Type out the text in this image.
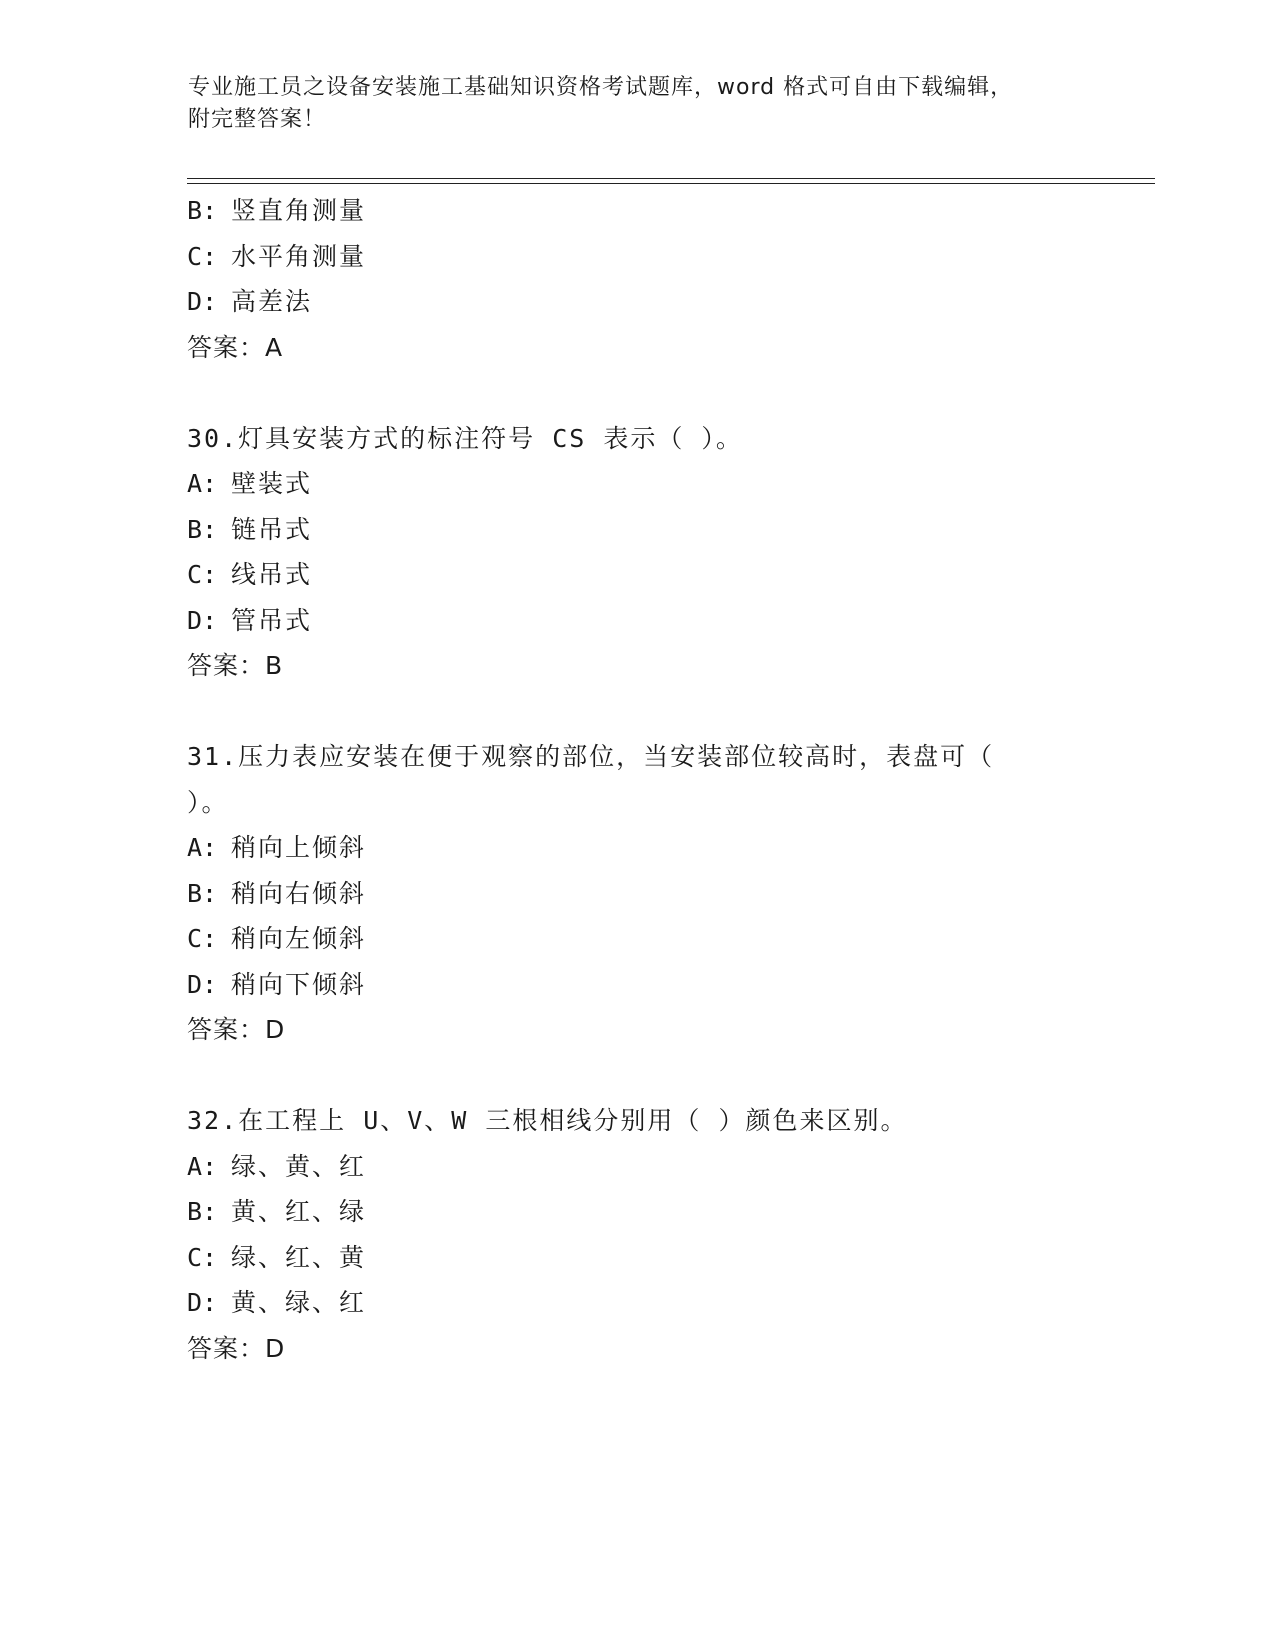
专业施工员之设备安装施工基础知识资格考试题库，word 格式可自由下载编辑，
附完整答案！
B: 竖直角测量
C: 水平角测量
D: 高差法
答案：A
30.灯具安装方式的标注符号 CS 表示（ ）。
A: 壁装式
B: 链吊式
C: 线吊式
D: 管吊式
答案：B
31.压力表应安装在便于观察的部位，当安装部位较高时，表盘可（
）。
A: 稍向上倾斜
B: 稍向右倾斜
C: 稍向左倾斜
D: 稍向下倾斜
答案：D
32.在工程上 U、V、W 三根相线分别用（ ）颜色来区别。
A: 绿、黄、红
B: 黄、红、绿
C: 绿、红、黄
D: 黄、绿、红
答案：D
